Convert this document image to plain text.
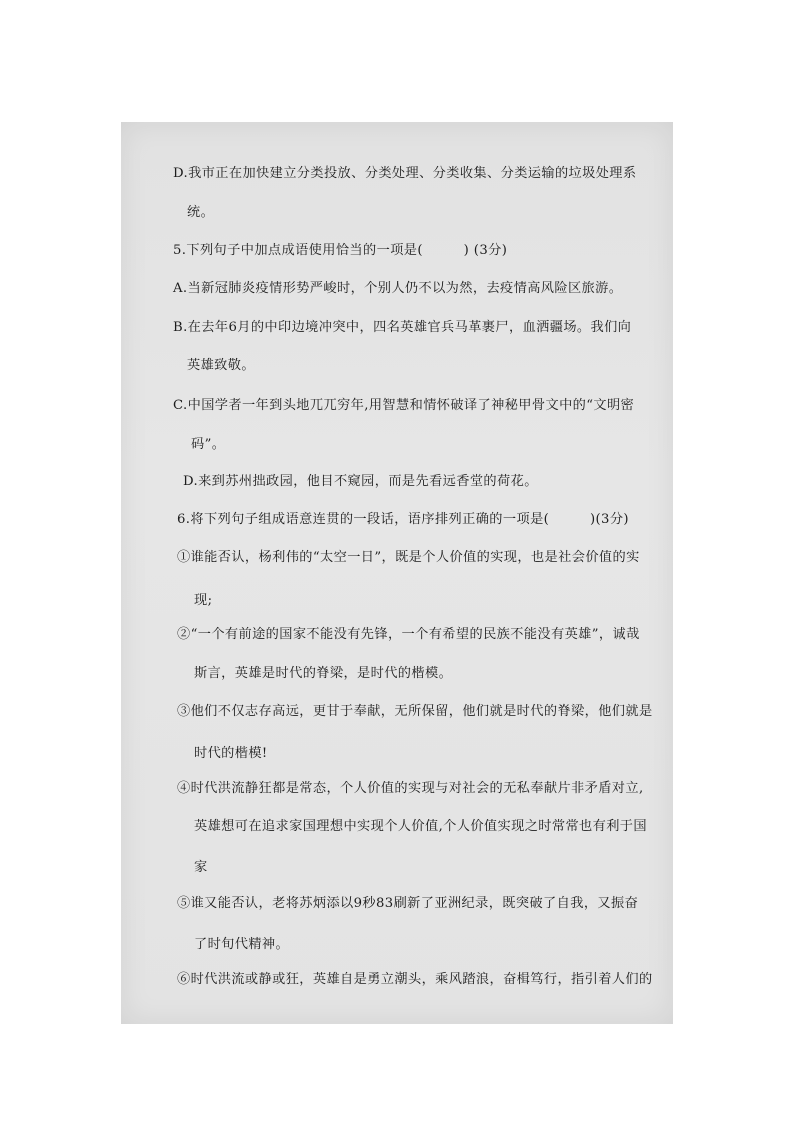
D.我市正在加快建立分类投放、分类处理、分类收集、分类运输的垃圾处理系
统。
5.下列句子中加点成语使用恰当的一项是(　　　) (3分)
A.当新冠肺炎疫情形势严峻时，个别人仍不以为然，去疫情高风险区旅游。
B.在去年6月的中印边境冲突中，四名英雄官兵马革裹尸，血洒疆场。我们向
英雄致敬。
C.中国学者一年到头地兀兀穷年,用智慧和情怀破译了神秘甲骨文中的“文明密
码”。
D.来到苏州拙政园，他目不窥园，而是先看远香堂的荷花。
6.将下列句子组成语意连贯的一段话，语序排列正确的一项是(　　　)(3分)
①谁能否认，杨利伟的“太空一日”，既是个人价值的实现，也是社会价值的实
现;
②“一个有前途的国家不能没有先锋，一个有希望的民族不能没有英雄”，诚哉
斯言，英雄是时代的脊梁，是时代的楷模。
③他们不仅志存高远，更甘于奉献，无所保留，他们就是时代的脊梁，他们就是
时代的楷模!
④时代洪流静狂都是常态，个人价值的实现与对社会的无私奉献片非矛盾对立,
英雄想可在追求家国理想中实现个人价值,个人价值实现之时常常也有利于国
家
⑤谁又能否认，老将苏炳添以9秒83刷新了亚洲纪录，既突破了自我，又振奋
了时旬代精神。
⑥时代洪流或静或狂，英雄自是勇立潮头，乘风踏浪，奋楫笃行，指引着人们的
